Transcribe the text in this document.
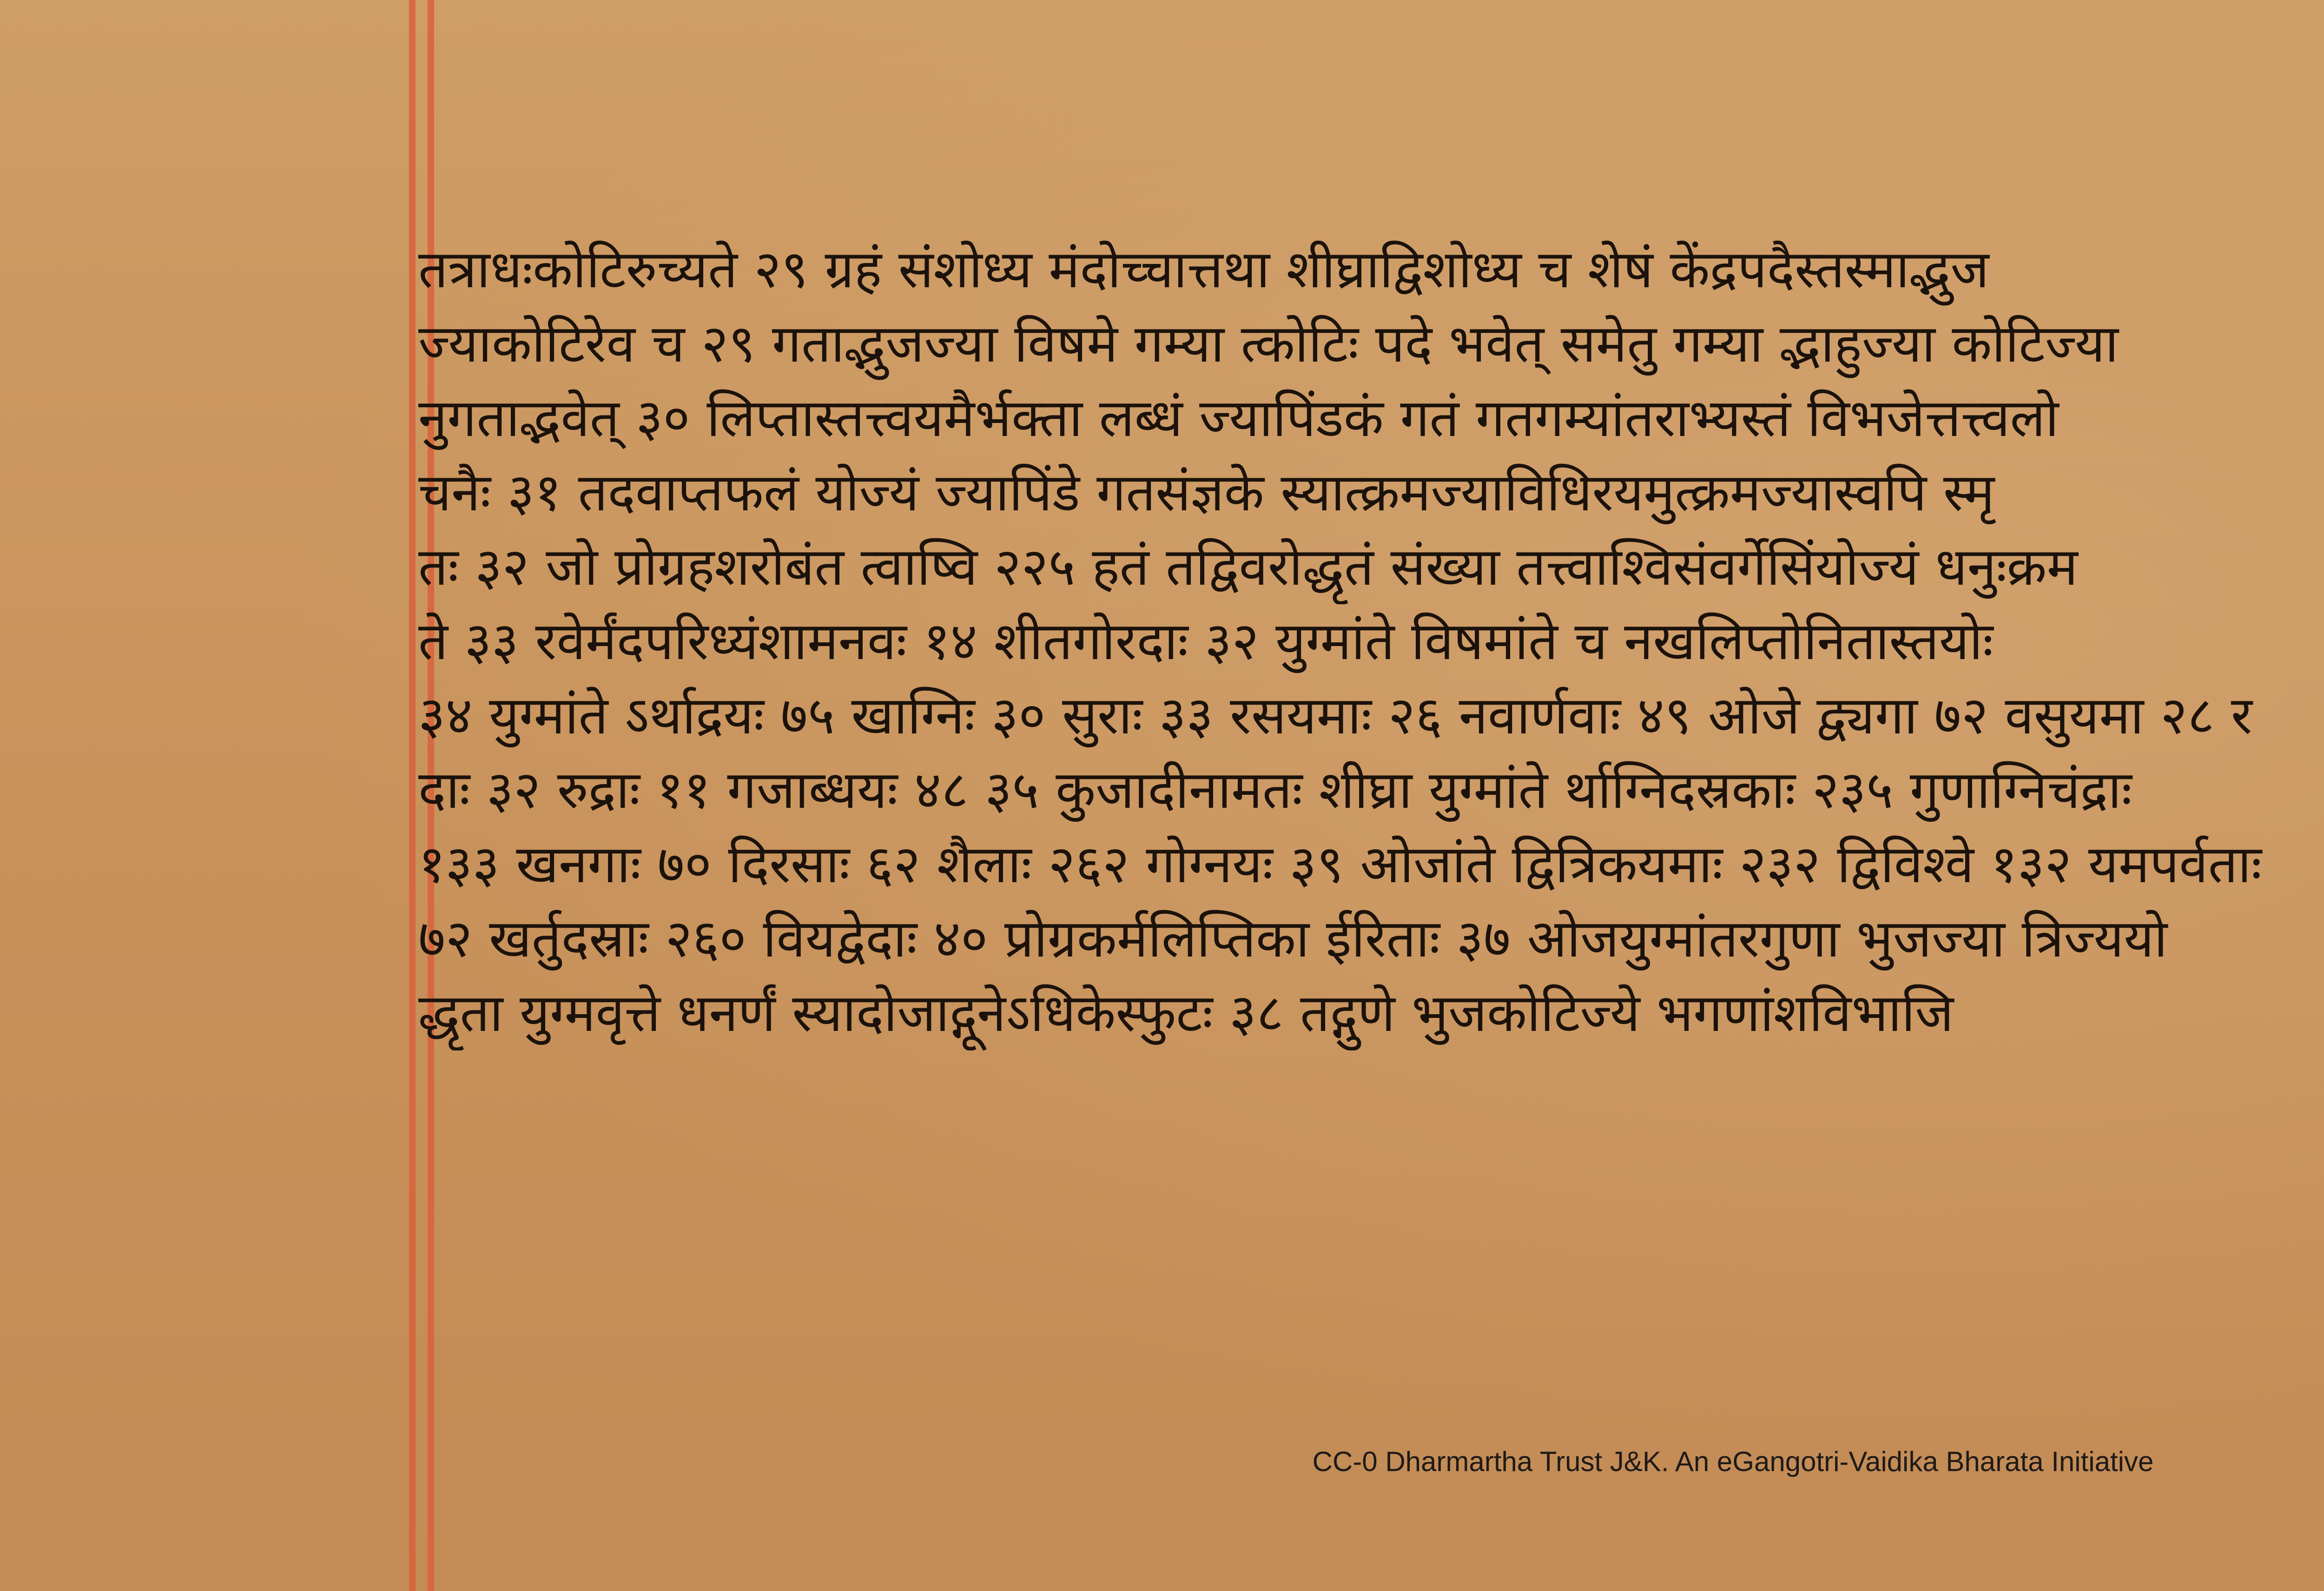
तत्राधःकोटिरुच्यते २९ ग्रहं संशोध्य मंदोच्चात्तथा शीघ्राद्विशोध्य च शेषं केंद्रपदैस्तस्माद्भुज
ज्याकोटिरेव च २९ गताद्भुजज्या विषमे गम्या त्कोटिः पदे भवेत् समेतु गम्या द्भाहुज्या कोटिज्या
नुगताद्भवेत् ३० लिप्तास्तत्त्वयमैर्भक्ता लब्धं ज्यापिंडकं गतं गतगम्यांतराभ्यस्तं विभजेत्तत्त्वलो
चनैः ३१ तदवाप्तफलं योज्यं ज्यापिंडे गतसंज्ञके स्यात्क्रमज्याविधिरयमुत्क्रमज्यास्वपि स्मृ
तः ३२ जो प्रोग्रहशरोबंत त्वाष्वि २२५ हतं तद्विवरोद्धृतं संख्या तत्त्वाश्विसंवर्गेसिंयोज्यं धनुःक्रम
ते ३३ रवेर्मंदपरिध्यंशामनवः १४ शीतगोरदाः ३२ युग्मांते विषमांते च नखलिप्तोनितास्तयोः
३४ युग्मांते ऽर्थाद्रयः ७५ खाग्निः ३० सुराः ३३ रसयमाः २६ नवार्णवाः ४९ ओजे द्व्यगा ७२ वसुयमा २८ र
दाः ३२ रुद्राः ११ गजाब्धयः ४८ ३५ कुजादीनामतः शीघ्रा युग्मांते र्थाग्निदस्रकाः २३५ गुणाग्निचंद्राः
१३३ खनगाः ७० दिरसाः ६२ शैलाः २६२ गोग्नयः ३९ ओजांते द्वित्रिकयमाः २३२ द्विविश्वे १३२ यमपर्वताः
७२ खर्तुदस्राः २६० वियद्वेदाः ४० प्रोग्रकर्मलिप्तिका ईरिताः ३७ ओजयुग्मांतरगुणा भुजज्या त्रिज्ययो
द्धृता युग्मवृत्ते धनर्णं स्यादोजाद्गूनेऽधिकेस्फुटः ३८ तद्गुणे भुजकोटिज्ये भगणांशविभाजि
CC-0 Dharmartha Trust J&K. An eGangotri-Vaidika Bharata Initiative
